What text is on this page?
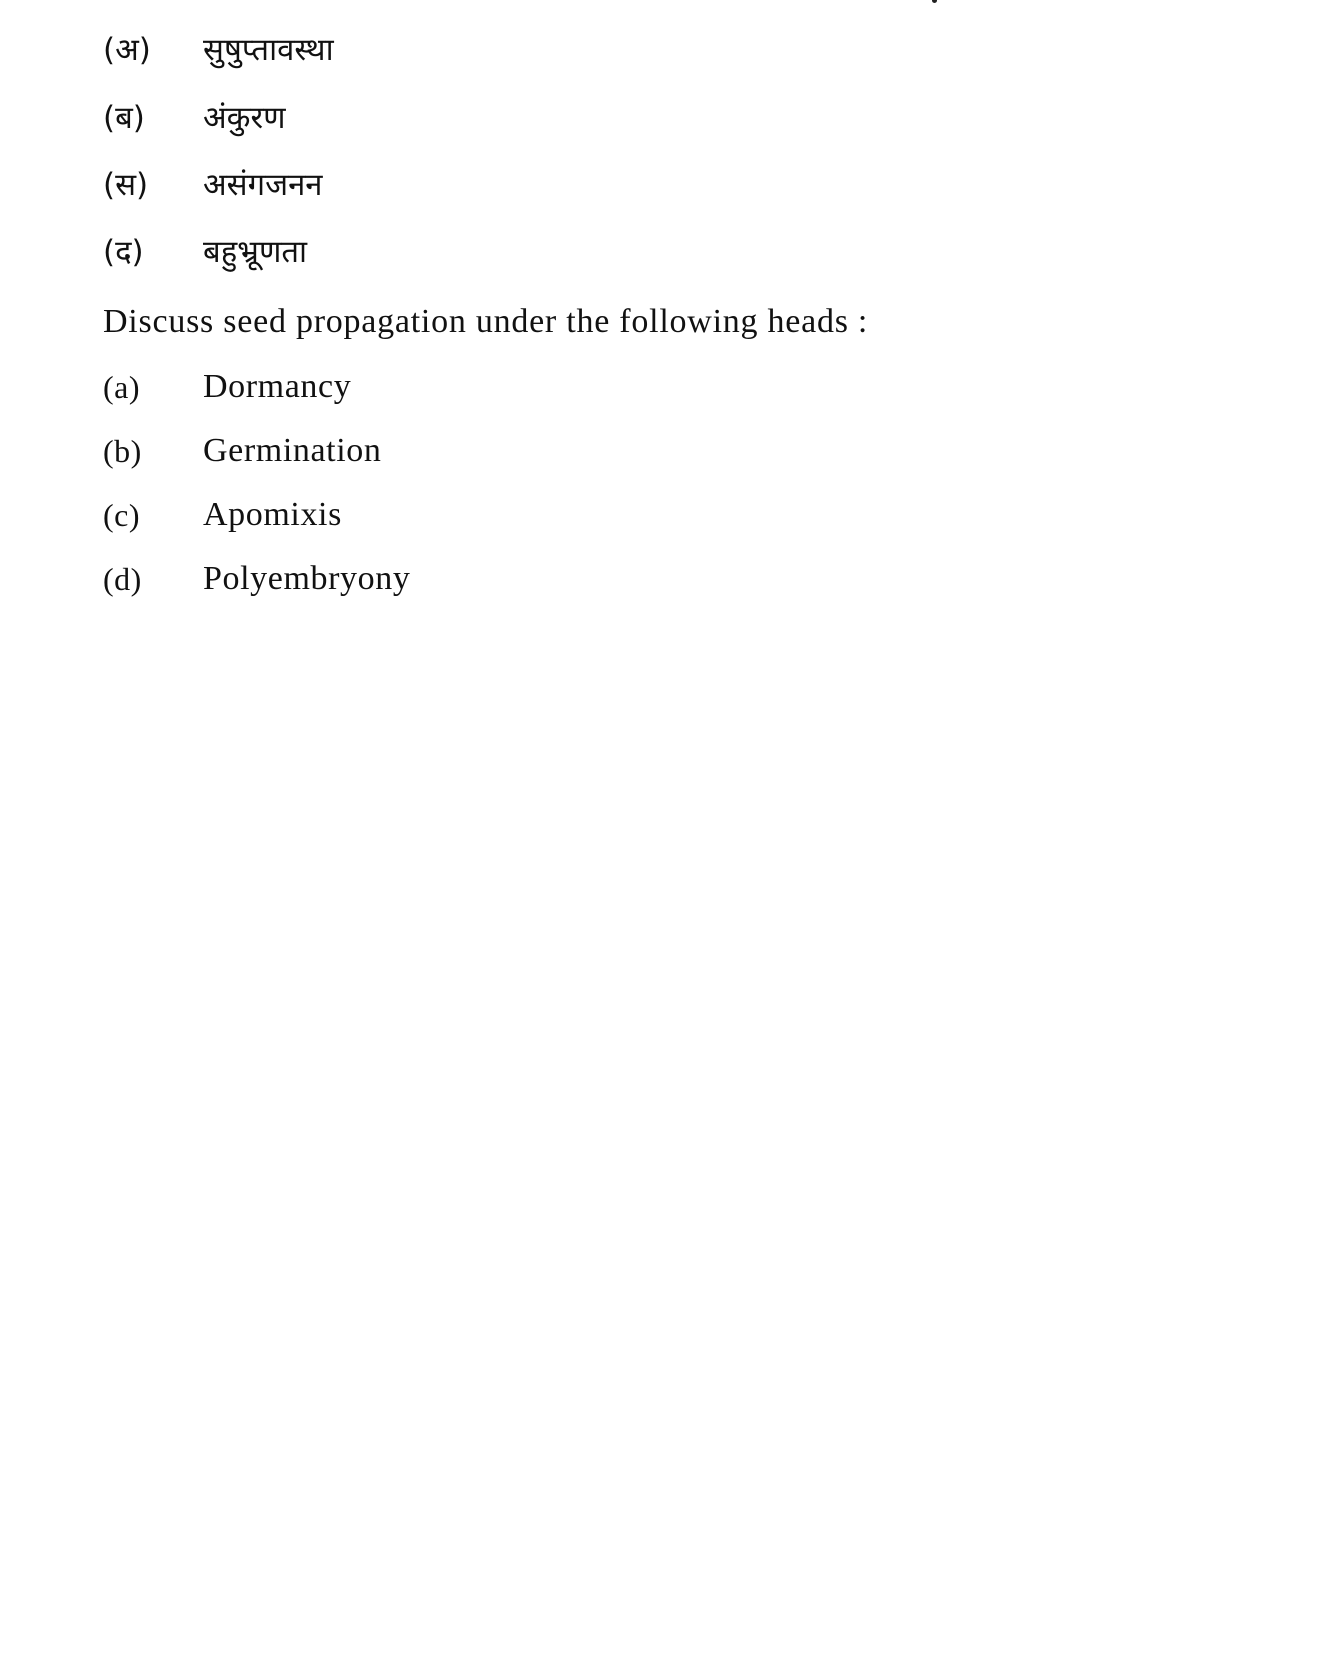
(अ) सुषुप्तावस्था
(ब) अंकुरण
(स) असंगजनन
(द) बहुभ्रूणता
Discuss seed propagation under the following heads :
(a) Dormancy
(b) Germination
(c) Apomixis
(d) Polyembryony
